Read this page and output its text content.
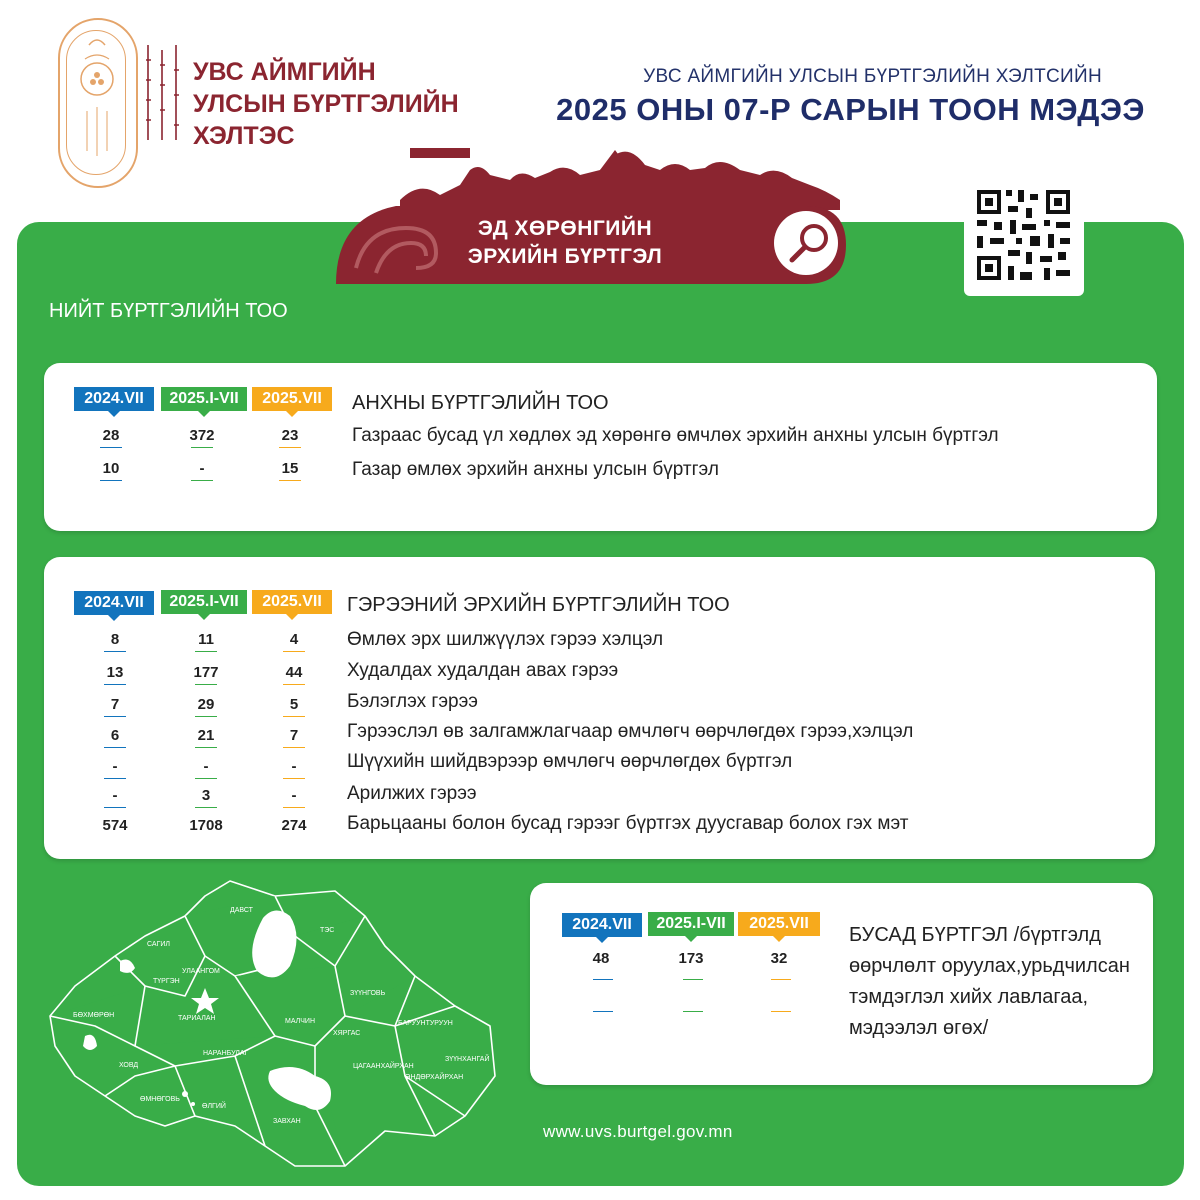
УВС АЙМГИЙН
УЛСЫН БҮРТГЭЛИЙН
ХЭЛТЭС
УВС АЙМГИЙН УЛСЫН БҮРТГЭЛИЙН ХЭЛТСИЙН
2025 ОНЫ 07-Р САРЫН ТООН МЭДЭЭ
ЭД ХӨРӨНГИЙН
ЭРХИЙН БҮРТГЭЛ
НИЙТ БҮРТГЭЛИЙН ТОО
2024.VII	2025.I-VII	2025.VII	АНХНЫ БҮРТГЭЛИЙН ТОО
28	372	23	Газраас бусад үл хөдлөх эд хөрөнгө өмчлөх эрхийн анхны улсын бүртгэл
10	-	15	Газар өмлөх эрхийн анхны улсын бүртгэл
2024.VII	2025.I-VII	2025.VII	ГЭРЭЭНИЙ ЭРХИЙН БҮРТГЭЛИЙН ТОО
8	11	4	Өмлөх эрх шилжүүлэх гэрээ хэлцэл
13	177	44	Худалдах худалдан авах гэрээ
7	29	5	Бэлэглэх гэрээ
6	21	7	Гэрээслэл өв залгамжлагчаар өмчлөгч өөрчлөгдөх гэрээ,хэлцэл
-	-	-	Шүүхийн шийдвэрээр өмчлөгч өөрчлөгдөх бүртгэл
-	3	-	Арилжих гэрээ
574	1708	274	Барьцааны болон бусад гэрээг бүртгэх дуусгавар болох гэх мэт
ДАВСТ
ТЭС
САГИЛ
УЛААНГОМ
ТҮРГЭН
ЗҮҮНГОВЬ
БӨХМӨРӨН	ТАРИАЛАН	МАЛЧИН
ХЯРГАС
БАРУУНТУРУУН
НАРАНБУЛАГ
ЗҮҮНХАНГАЙ
ЦАГААНХАЙРХАН
ӨНДӨРХАЙРХАН
ХОВД
ӨМНӨГОВЬ
ӨЛГИЙ
ЗАВХАН
2024.VII	2025.I-VII	2025.VII
48	173	32
БУСАД БҮРТГЭЛ /бүртгэлд
өөрчлөлт оруулах,урьдчилсан
тэмдэглэл хийх лавлагаа,
мэдээлэл өгөх/
www.uvs.burtgel.gov.mn
